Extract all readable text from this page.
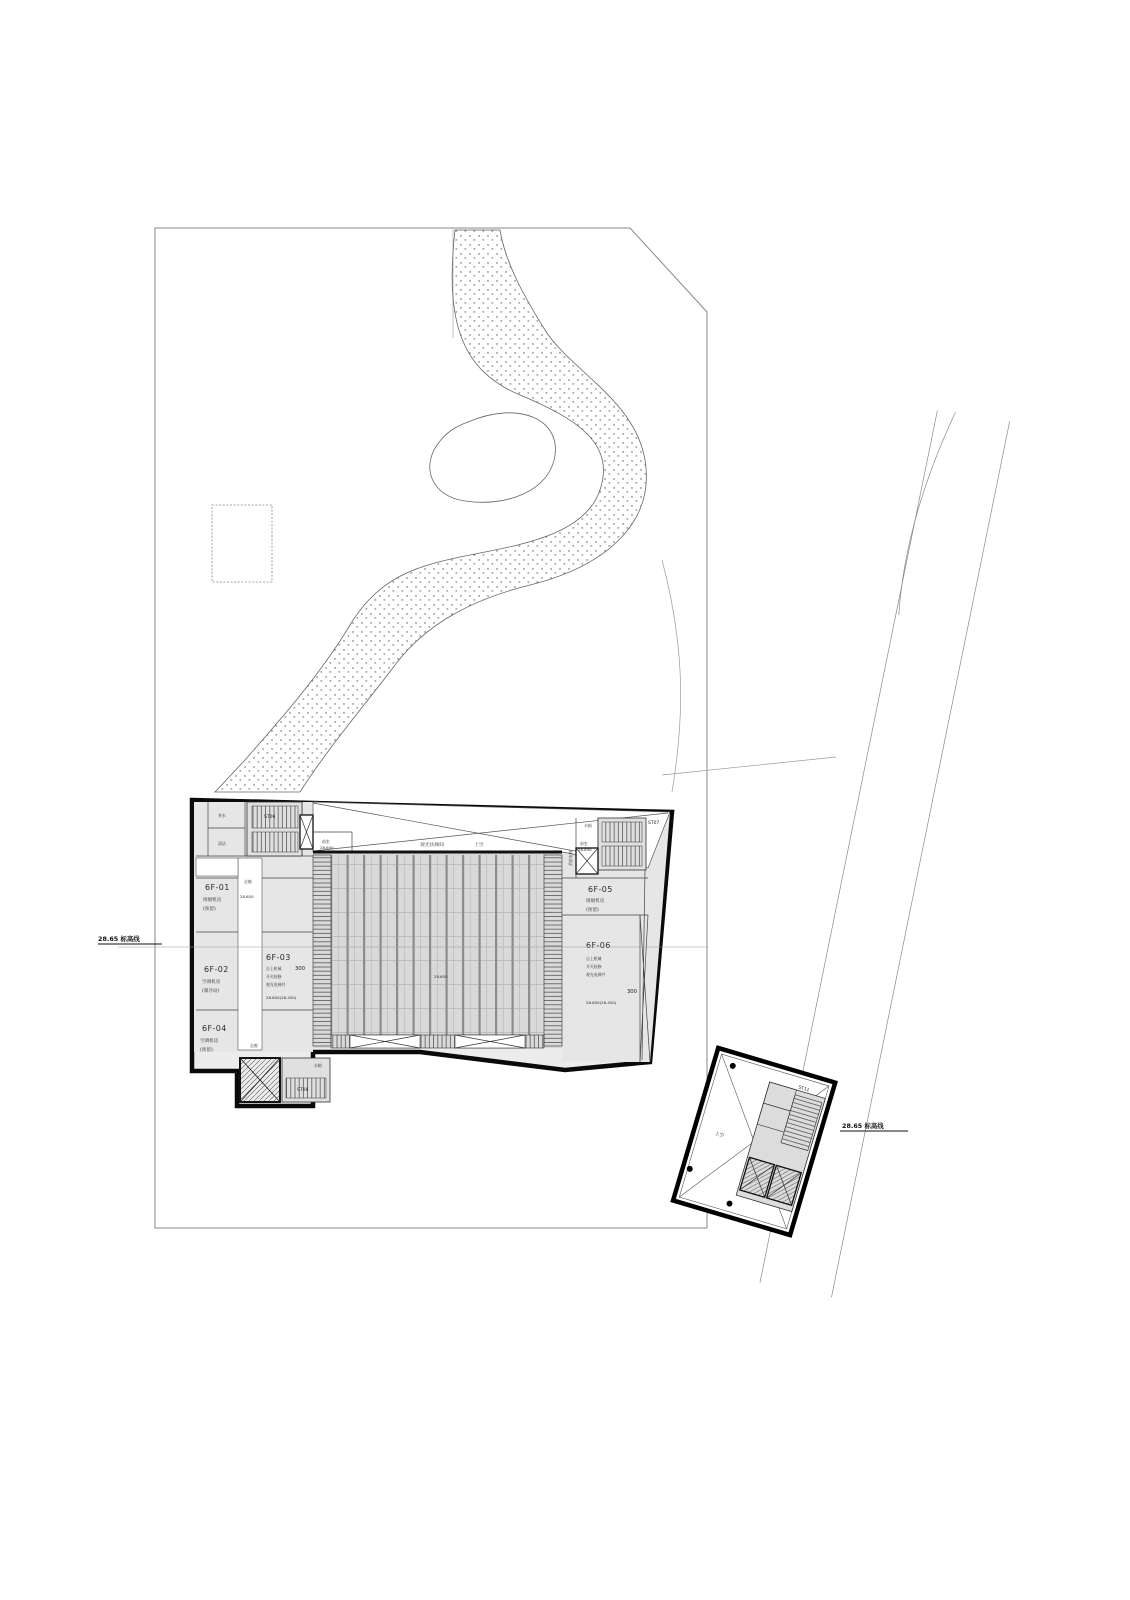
ST11
上空
6F-01
排烟机房
(预留)
6F-02
空调机房
(制冷站)
6F-03
自上机械
开关检修
观光电梯井
300
28.650(28.450)
6F-04
空调机房
(预留)
6F-05
排烟机房
(预留)
6F-06
自上机械
开关检修
观光电梯井
300
28.650(28.450)
ST06
ST07
ST08
观光扶梯间	上空
走廊
走廊
前室
28.650
前室
28.650
28.650
28.650
茶水
清洁
水箱
水箱
消防电梯
28.65 标高线
28.65 标高线
